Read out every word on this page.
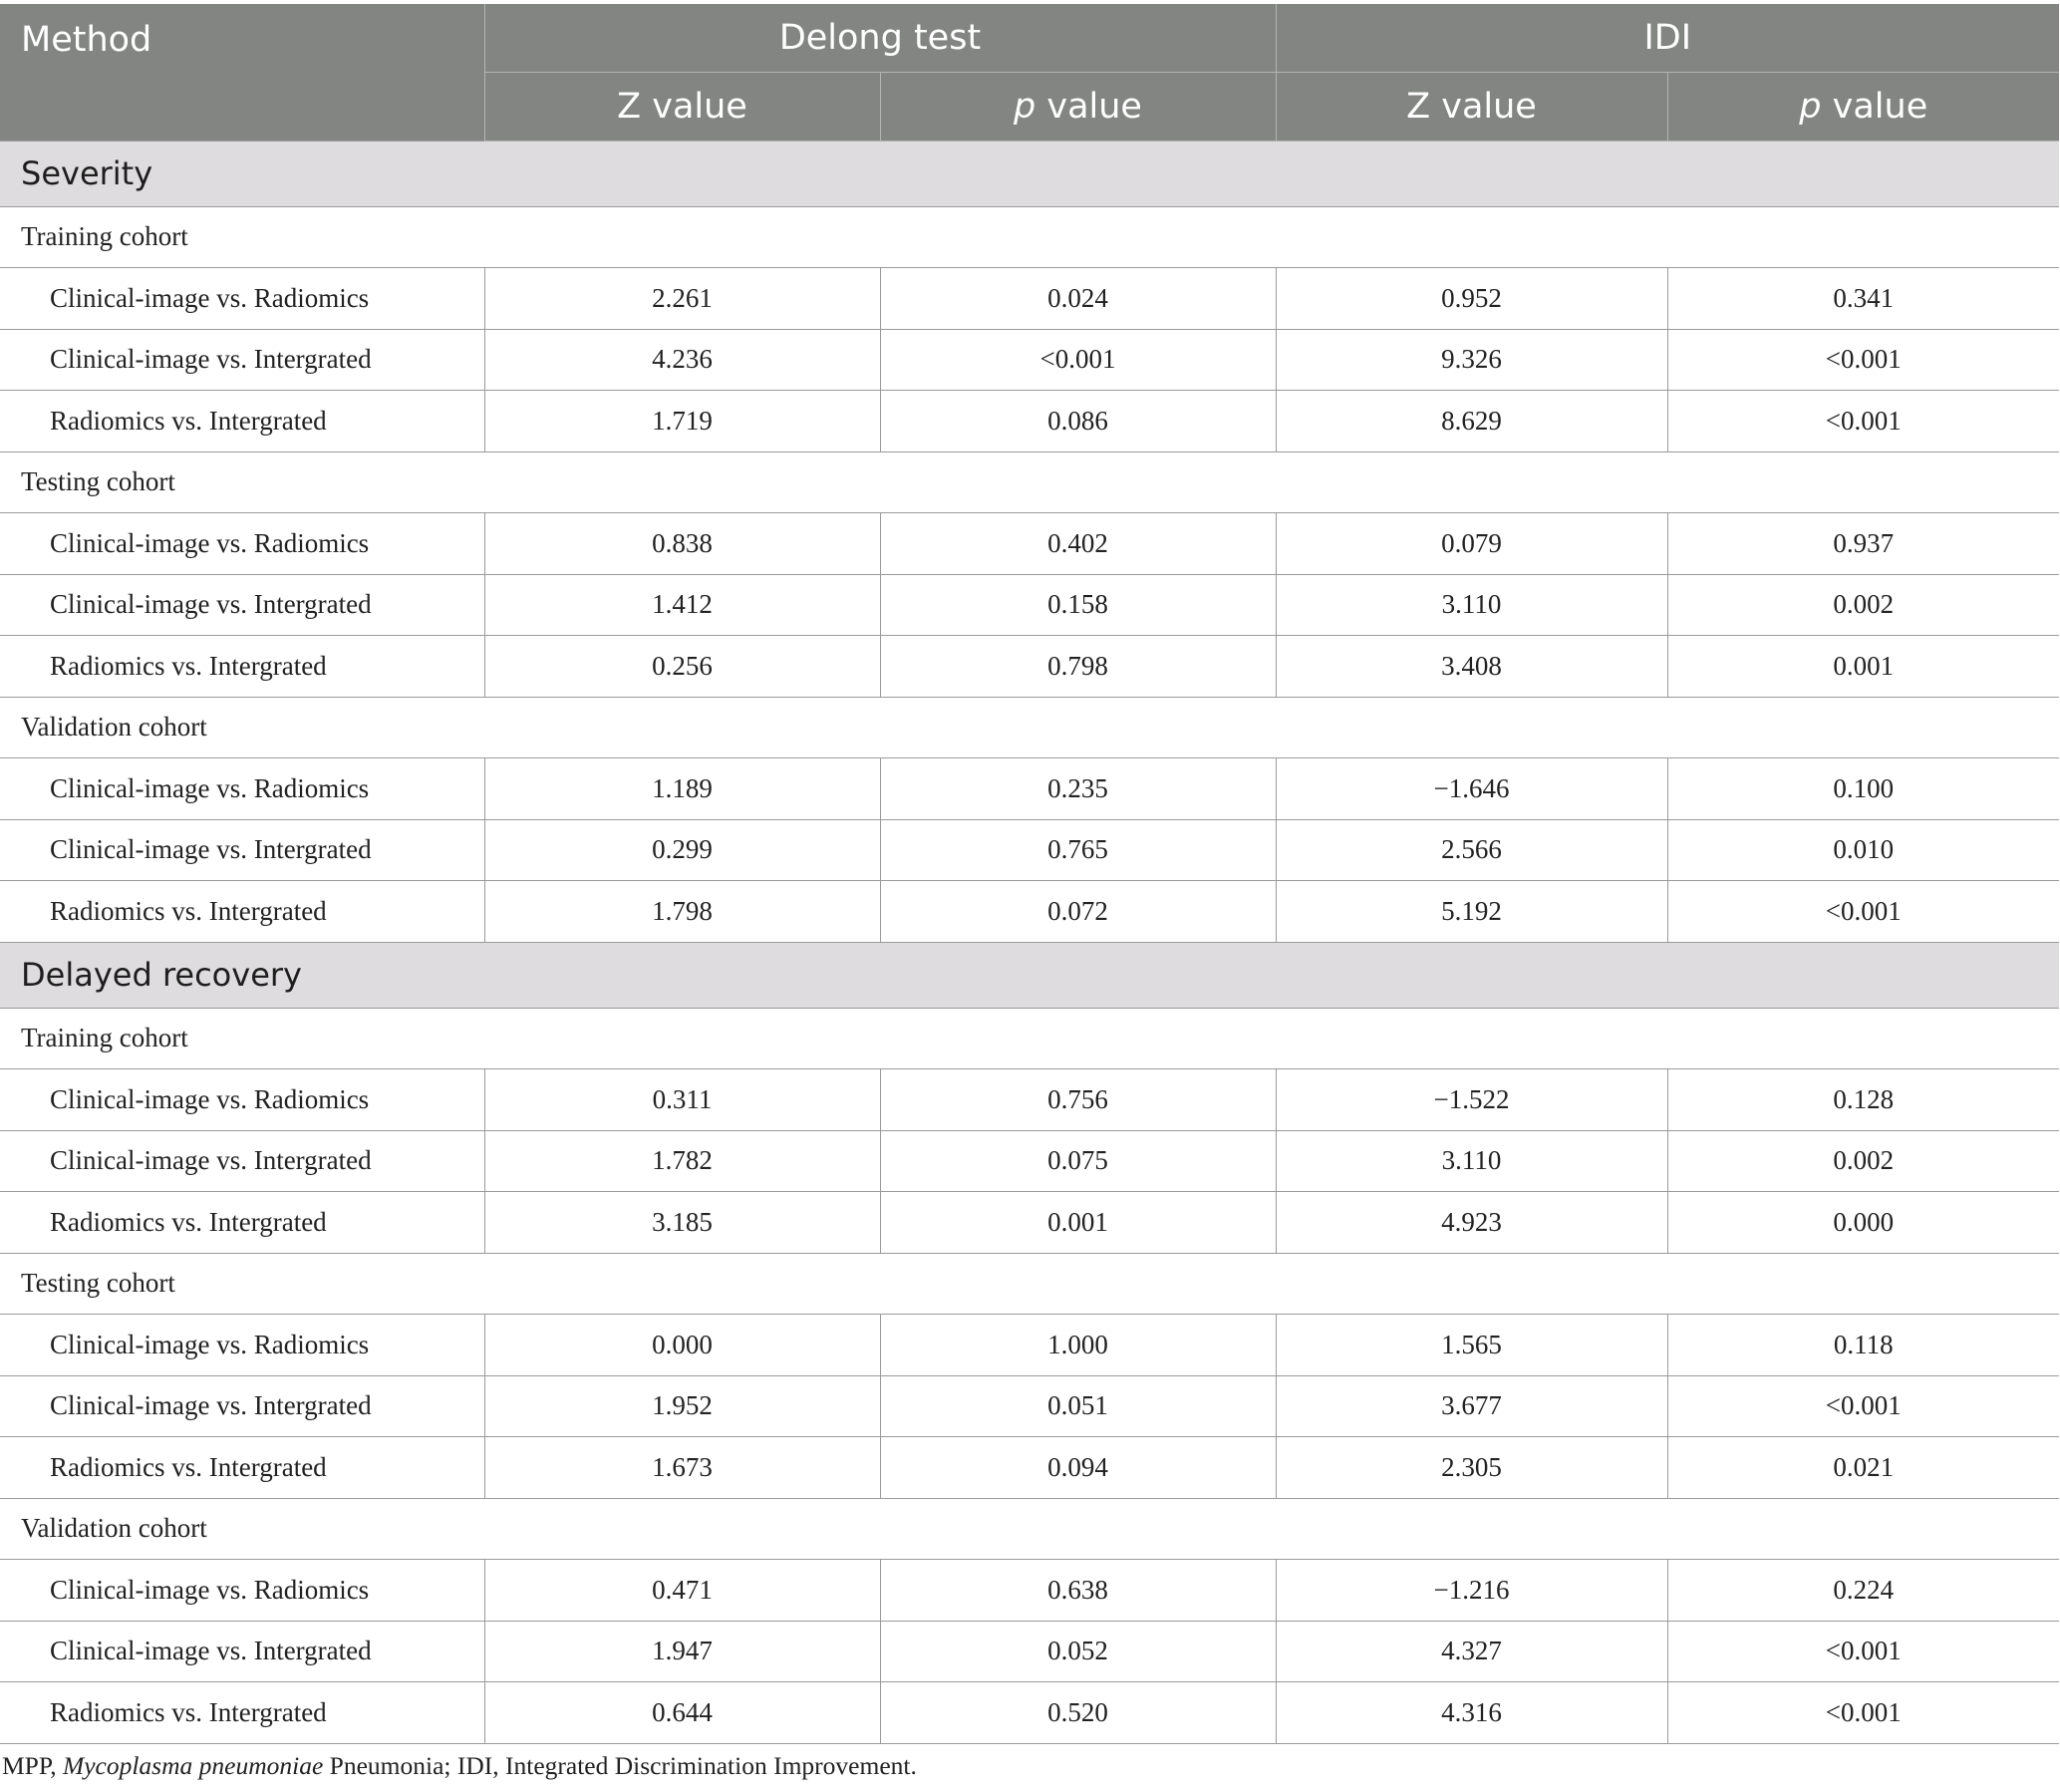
Method	Delong test		IDI	
	Z value	p value	Z value	p value
Severity				
Training cohort				
Clinical-image vs. Radiomics	2.261	0.024	0.952	0.341
Clinical-image vs. Intergrated	4.236	<0.001	9.326	<0.001
Radiomics vs. Intergrated	1.719	0.086	8.629	<0.001
Testing cohort				
Clinical-image vs. Radiomics	0.838	0.402	0.079	0.937
Clinical-image vs. Intergrated	1.412	0.158	3.110	0.002
Radiomics vs. Intergrated	0.256	0.798	3.408	0.001
Validation cohort				
Clinical-image vs. Radiomics	1.189	0.235	−1.646	0.100
Clinical-image vs. Intergrated	0.299	0.765	2.566	0.010
Radiomics vs. Intergrated	1.798	0.072	5.192	<0.001
Delayed recovery				
Training cohort				
Clinical-image vs. Radiomics	0.311	0.756	−1.522	0.128
Clinical-image vs. Intergrated	1.782	0.075	3.110	0.002
Radiomics vs. Intergrated	3.185	0.001	4.923	0.000
Testing cohort				
Clinical-image vs. Radiomics	0.000	1.000	1.565	0.118
Clinical-image vs. Intergrated	1.952	0.051	3.677	<0.001
Radiomics vs. Intergrated	1.673	0.094	2.305	0.021
Validation cohort				
Clinical-image vs. Radiomics	0.471	0.638	−1.216	0.224
Clinical-image vs. Intergrated	1.947	0.052	4.327	<0.001
Radiomics vs. Intergrated	0.644	0.520	4.316	<0.001
MPP, Mycoplasma pneumoniae Pneumonia; IDI, Integrated Discrimination Improvement.
